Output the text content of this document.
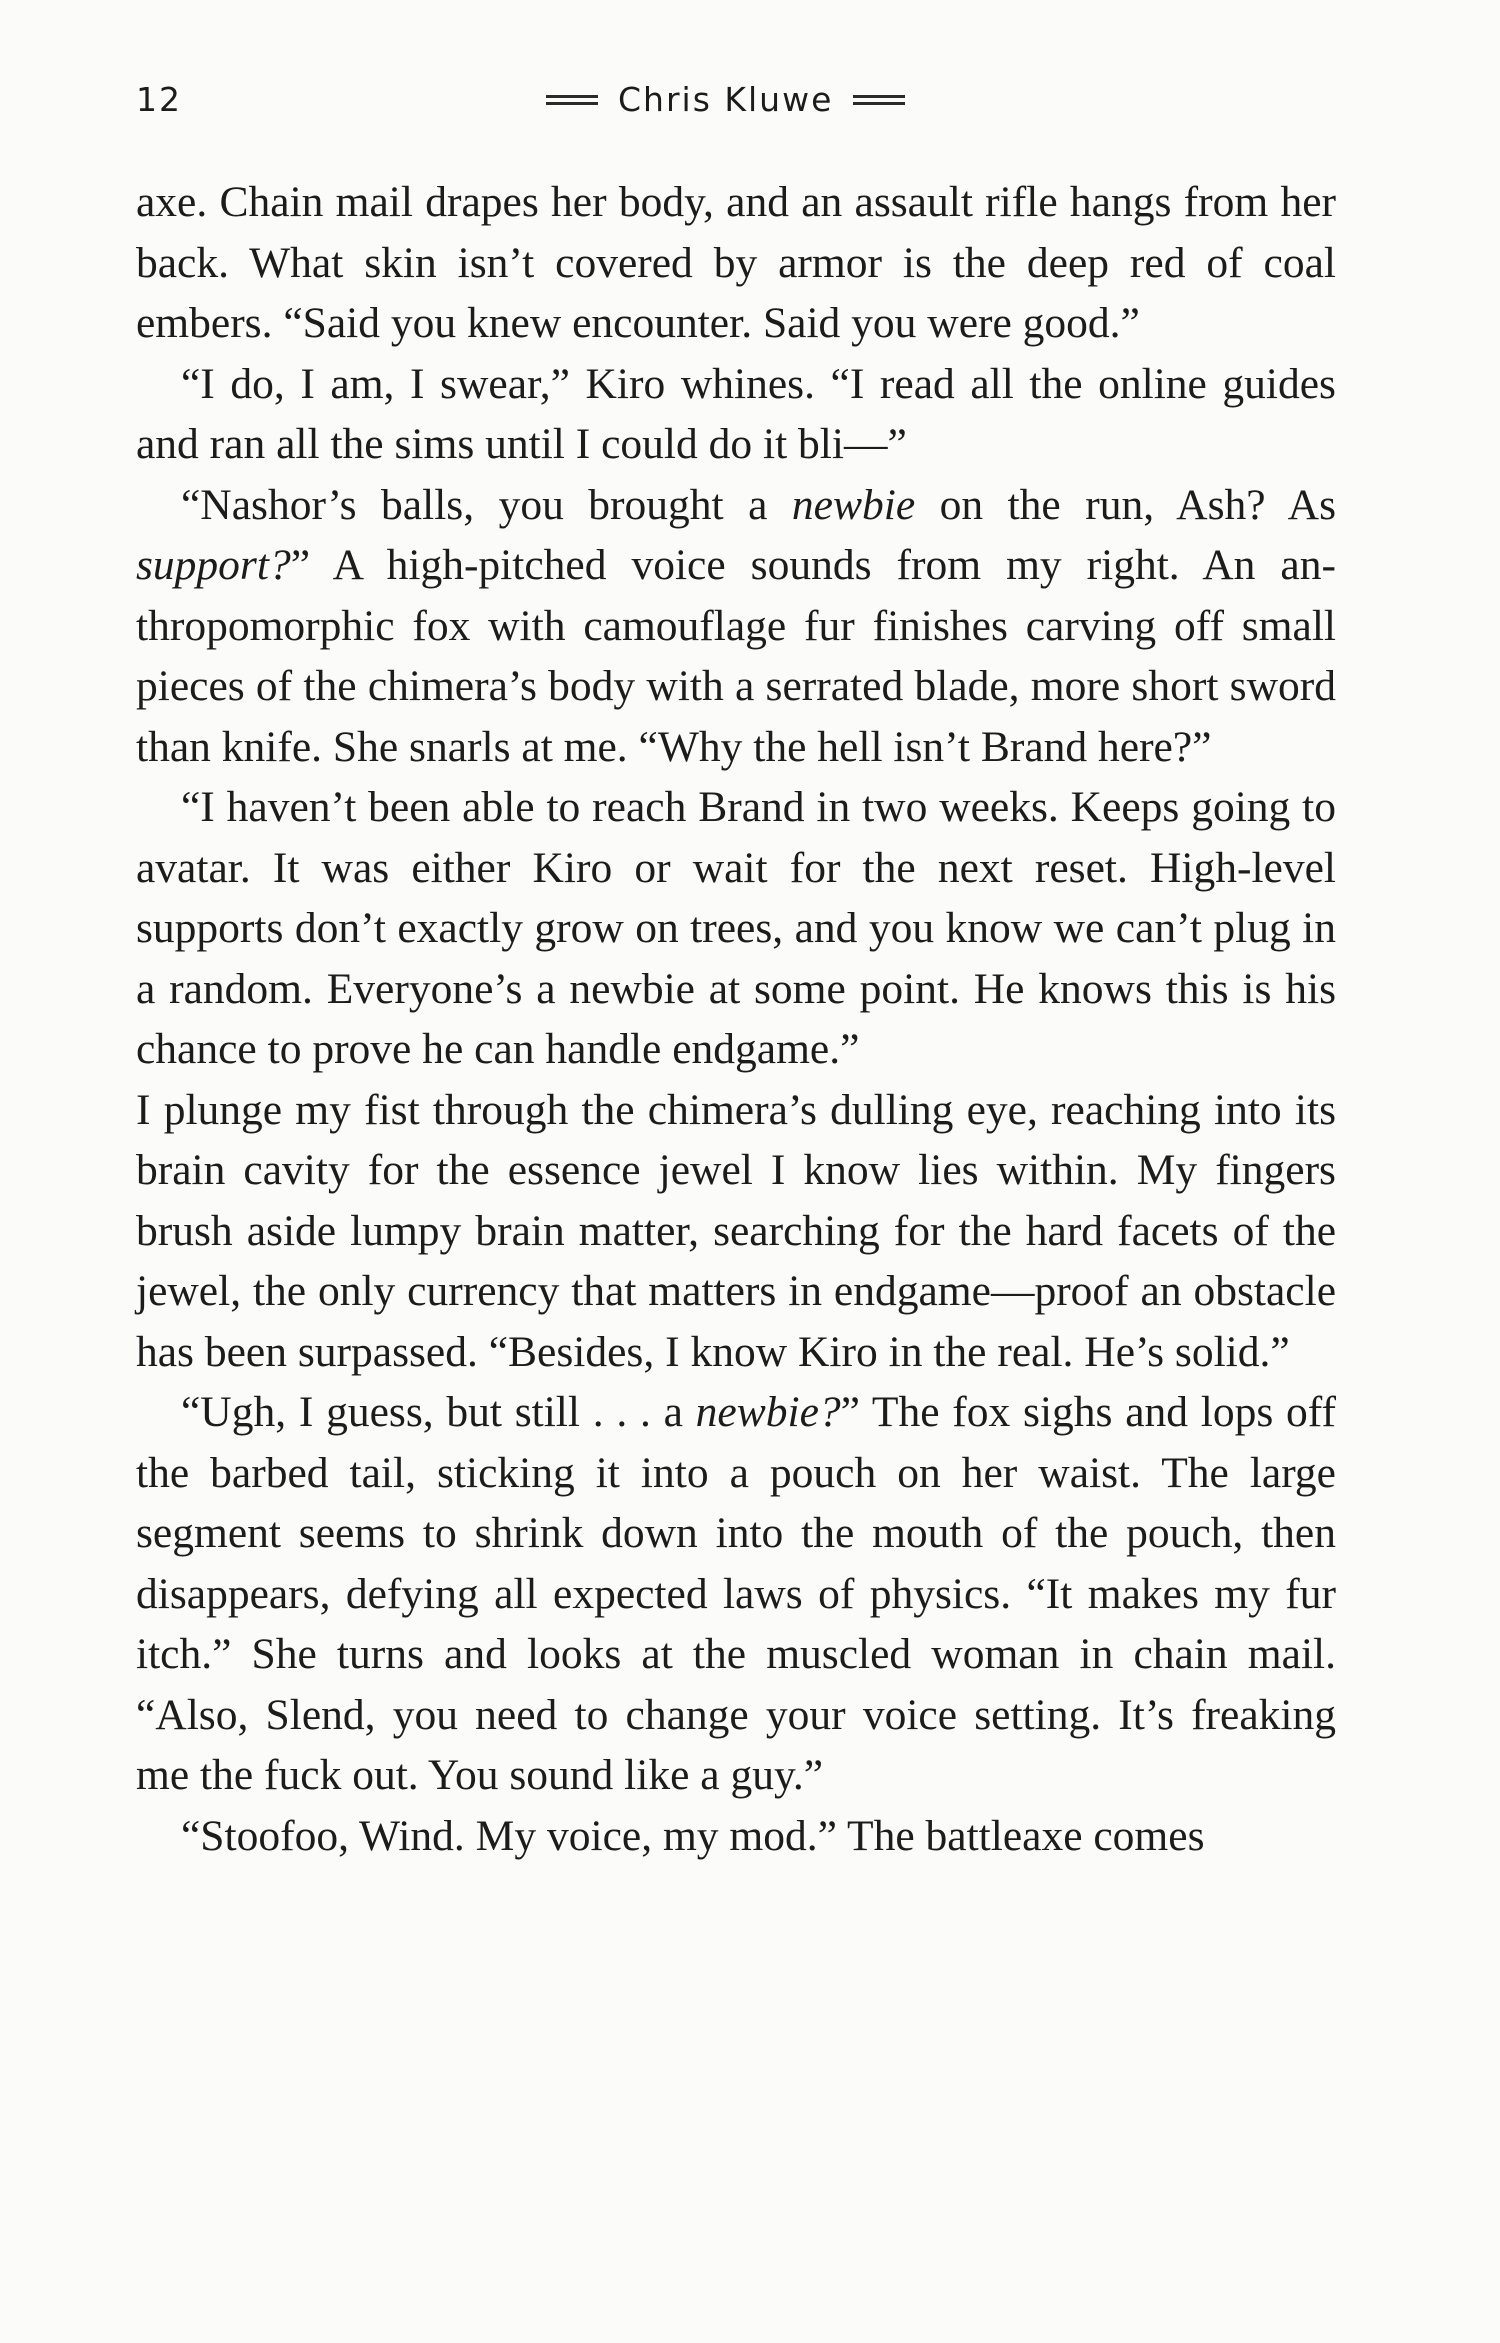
12	Chris Kluwe

axe. Chain mail drapes her body, and an assault rifle hangs from her back. What skin isn’t covered by armor is the deep red of coal embers. “Said you knew encounter. Said you were good.”

“I do, I am, I swear,” Kiro whines. “I read all the online guides and ran all the sims until I could do it bli—”

“Nashor’s balls, you brought a newbie on the run, Ash? As support?” A high-pitched voice sounds from my right. An anthropomorphic fox with camouflage fur finishes carving off small pieces of the chimera’s body with a serrated blade, more short sword than knife. She snarls at me. “Why the hell isn’t Brand here?”

“I haven’t been able to reach Brand in two weeks. Keeps going to avatar. It was either Kiro or wait for the next reset. High-level supports don’t exactly grow on trees, and you know we can’t plug in a random. Everyone’s a newbie at some point. He knows this is his chance to prove he can handle endgame.”

I plunge my fist through the chimera’s dulling eye, reaching into its brain cavity for the essence jewel I know lies within. My fingers brush aside lumpy brain matter, searching for the hard facets of the jewel, the only currency that matters in endgame—proof an obstacle has been surpassed. “Besides, I know Kiro in the real. He’s solid.”

“Ugh, I guess, but still . . . a newbie?” The fox sighs and lops off the barbed tail, sticking it into a pouch on her waist. The large segment seems to shrink down into the mouth of the pouch, then disappears, defying all expected laws of physics. “It makes my fur itch.” She turns and looks at the muscled woman in chain mail. “Also, Slend, you need to change your voice setting. It’s freaking me the fuck out. You sound like a guy.”

“Stoofoo, Wind. My voice, my mod.” The battleaxe comes
